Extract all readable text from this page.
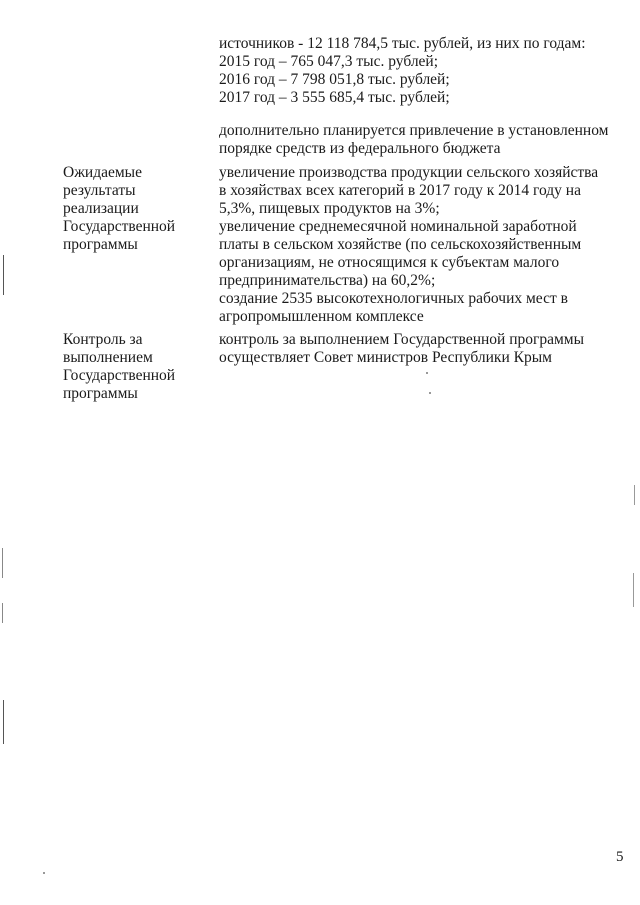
источников - 12 118 784,5 тыс. рублей, из них по годам:
2015 год – 765 047,3 тыс. рублей;
2016 год – 7 798 051,8 тыс. рублей;
2017 год – 3 555 685,4 тыс. рублей;
дополнительно планируется привлечение в установленном
порядке средств из федерального бюджета
Ожидаемые
результаты
реализации
Государственной
программы
увеличение производства продукции сельского хозяйства
в хозяйствах всех категорий в 2017 году к 2014 году на
5,3%, пищевых продуктов на 3%;
увеличение среднемесячной номинальной заработной
платы в сельском хозяйстве (по сельскохозяйственным
организациям, не относящимся к субъектам малого
предпринимательства) на 60,2%;
создание 2535 высокотехнологичных рабочих мест в
агропромышленном комплексе
Контроль за
выполнением
Государственной
программы
контроль за выполнением Государственной программы
осуществляет Совет министров Республики Крым
5
